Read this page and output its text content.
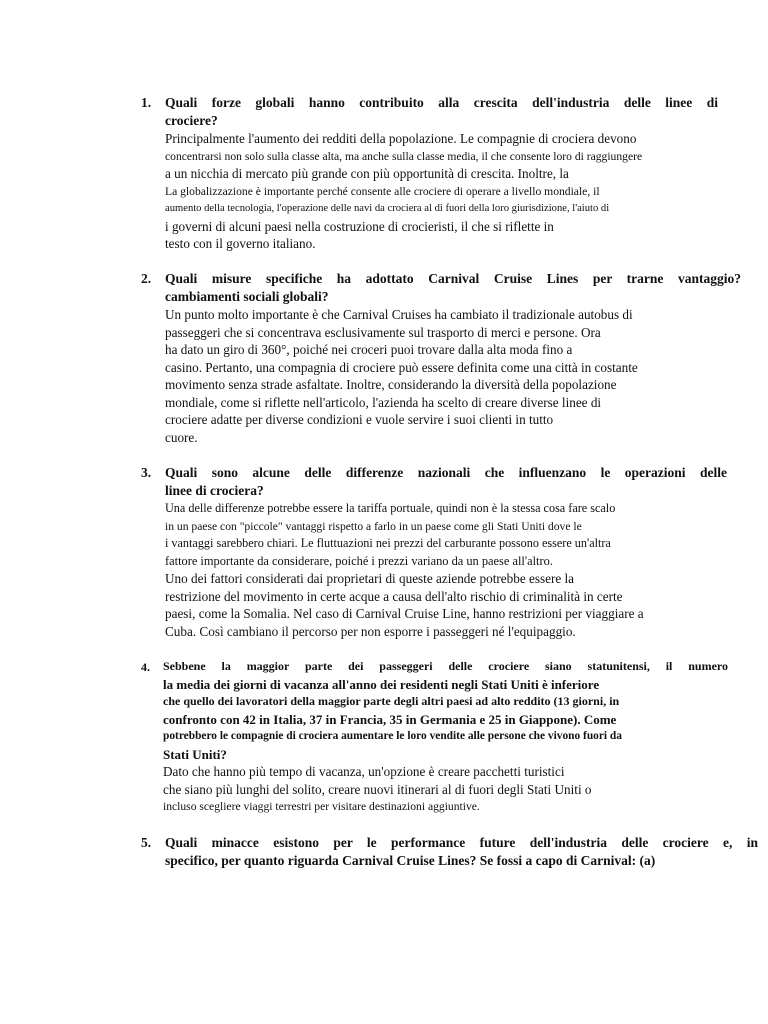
1. Quali forze globali hanno contribuito alla crescita dell'industria delle linee di
crociere?

Principalmente l'aumento dei redditi della popolazione. Le compagnie di crociera devono
concentrarsi non solo sulla classe alta, ma anche sulla classe media, il che consente loro di raggiungere
a un nicchia di mercato più grande con più opportunità di crescita. Inoltre, la
La globalizzazione è importante perché consente alle crociere di operare a livello mondiale, il
aumento della tecnologia, l'operazione delle navi da crociera al di fuori della loro giurisdizione, l'aiuto di
i governi di alcuni paesi nella costruzione di crocieristi, il che si riflette in
testo con il governo italiano.

2. Quali misure specifiche ha adottato Carnival Cruise Lines per trarne vantaggio?
cambiamenti sociali globali?

Un punto molto importante è che Carnival Cruises ha cambiato il tradizionale autobus di
passeggeri che si concentrava esclusivamente sul trasporto di merci e persone. Ora
ha dato un giro di 360°, poiché nei croceri puoi trovare dalla alta moda fino a
casino. Pertanto, una compagnia di crociere può essere definita come una città in costante
movimento senza strade asfaltate. Inoltre, considerando la diversità della popolazione
mondiale, come si riflette nell'articolo, l'azienda ha scelto di creare diverse linee di
crociere adatte per diverse condizioni e vuole servire i suoi clienti in tutto
cuore.

3. Quali sono alcune delle differenze nazionali che influenzano le operazioni delle
linee di crociera?

Una delle differenze potrebbe essere la tariffa portuale, quindi non è la stessa cosa fare scalo
in un paese con "piccole" vantaggi rispetto a farlo in un paese come gli Stati Uniti dove le
i vantaggi sarebbero chiari. Le fluttuazioni nei prezzi del carburante possono essere un'altra
fattore importante da considerare, poiché i prezzi variano da un paese all'altro.
Uno dei fattori considerati dai proprietari di queste aziende potrebbe essere la
restrizione del movimento in certe acque a causa dell'alto rischio di criminalità in certe
paesi, come la Somalia. Nel caso di Carnival Cruise Line, hanno restrizioni per viaggiare a
Cuba. Così cambiano il percorso per non esporre i passeggeri né l'equipaggio.

4. Sebbene la maggior parte dei passeggeri delle crociere siano statunitensi, il numero
la media dei giorni di vacanza all'anno dei residenti negli Stati Uniti è inferiore
che quello dei lavoratori della maggior parte degli altri paesi ad alto reddito (13 giorni, in
confronto con 42 in Italia, 37 in Francia, 35 in Germania e 25 in Giappone). Come
potrebbero le compagnie di crociera aumentare le loro vendite alle persone che vivono fuori da
Stati Uniti?

Dato che hanno più tempo di vacanza, un'opzione è creare pacchetti turistici
che siano più lunghi del solito, creare nuovi itinerari al di fuori degli Stati Uniti o
incluso scegliere viaggi terrestri per visitare destinazioni aggiuntive.

5. Quali minacce esistono per le performance future dell'industria delle crociere e, in
specifico, per quanto riguarda Carnival Cruise Lines? Se fossi a capo di Carnival: (a)
